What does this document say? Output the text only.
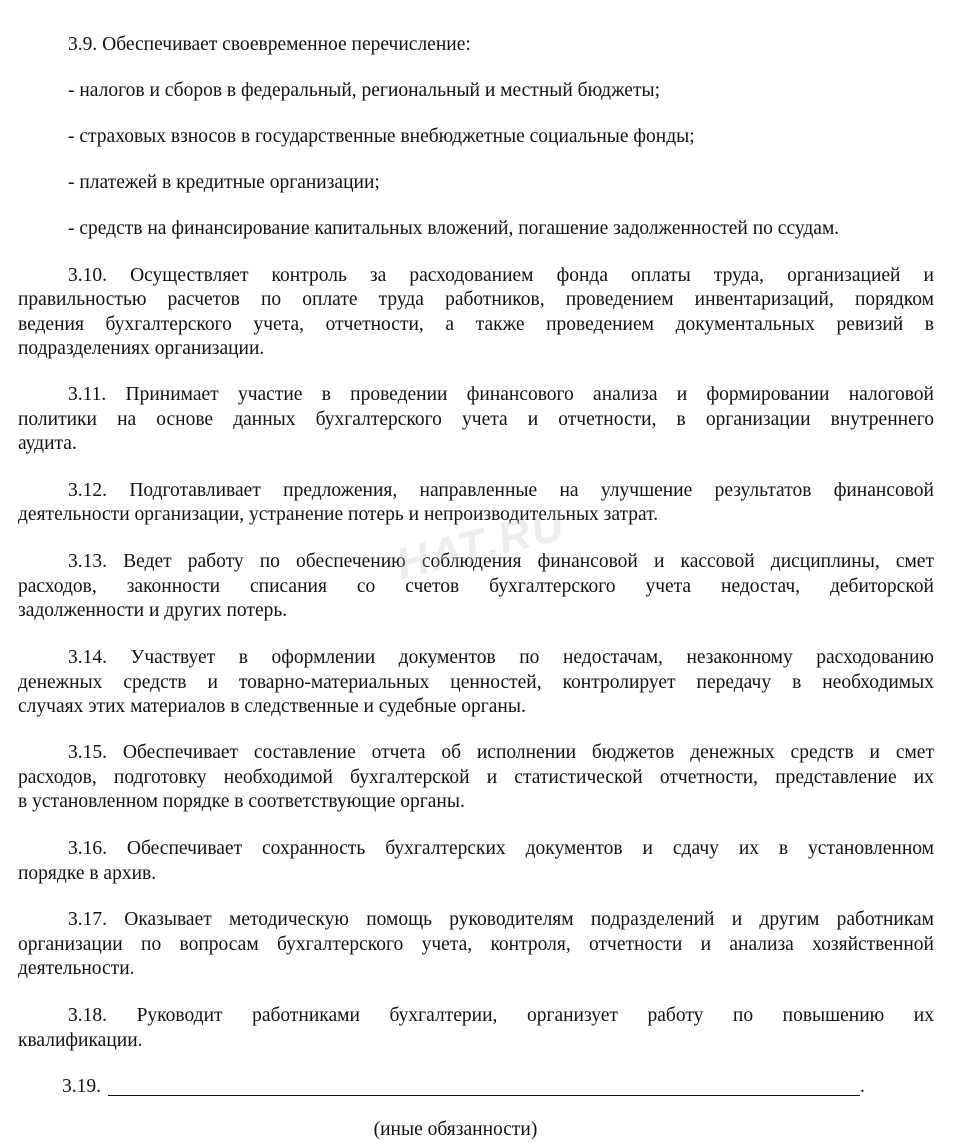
3.9. Обеспечивает своевременное перечисление:

- налогов и сборов в федеральный, региональный и местный бюджеты;

- страховых взносов в государственные внебюджетные социальные фонды;

- платежей в кредитные организации;

- средств на финансирование капитальных вложений, погашение задолженностей по ссудам.

3.10. Осуществляет контроль за расходованием фонда оплаты труда, организацией и

правильностью расчетов по оплате труда работников, проведением инвентаризаций, порядком

ведения бухгалтерского учета, отчетности, а также проведением документальных ревизий в

подразделениях организации.

3.11. Принимает участие в проведении финансового анализа и формировании налоговой

политики на основе данных бухгалтерского учета и отчетности, в организации внутреннего

аудита.

3.12. Подготавливает предложения, направленные на улучшение результатов финансовой

деятельности организации, устранение потерь и непроизводительных затрат.

3.13. Ведет работу по обеспечению соблюдения финансовой и кассовой дисциплины, смет

расходов, законности списания со счетов бухгалтерского учета недостач, дебиторской

задолженности и других потерь.

3.14. Участвует в оформлении документов по недостачам, незаконному расходованию

денежных средств и товарно-материальных ценностей, контролирует передачу в необходимых

случаях этих материалов в следственные и судебные органы.

3.15. Обеспечивает составление отчета об исполнении бюджетов денежных средств и смет

расходов, подготовку необходимой бухгалтерской и статистической отчетности, представление их

в установленном порядке в соответствующие органы.

3.16. Обеспечивает сохранность бухгалтерских документов и сдачу их в установленном

порядке в архив.

3.17. Оказывает методическую помощь руководителям подразделений и другим работникам

организации по вопросам бухгалтерского учета, контроля, отчетности и анализа хозяйственной

деятельности.

3.18. Руководит работниками бухгалтерии, организует работу по повышению их

квалификации.

3.19.	.

(иные обязанности)

НАТ.RU
